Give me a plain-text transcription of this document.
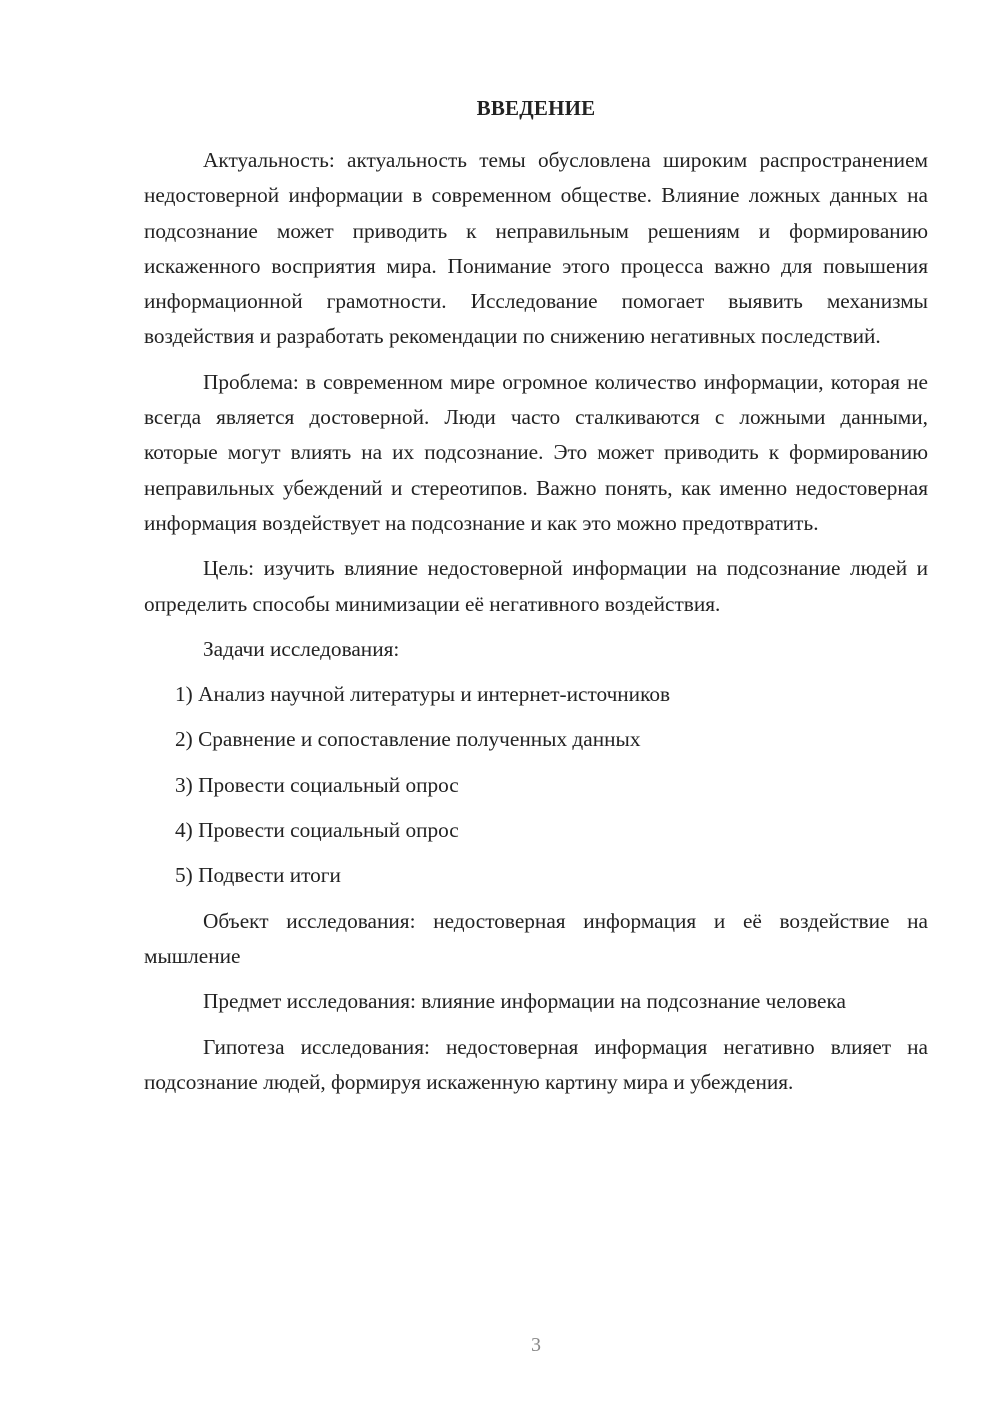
ВВЕДЕНИЕ

Актуальность: актуальность темы обусловлена широким распространением недостоверной информации в современном обществе. Влияние ложных данных на подсознание может приводить к неправильным решениям и формированию искаженного восприятия мира. Понимание этого процесса важно для повышения информационной грамотности. Исследование помогает выявить механизмы воздействия и разработать рекомендации по снижению негативных последствий.

Проблема: в современном мире огромное количество информации, которая не всегда является достоверной. Люди часто сталкиваются с ложными данными, которые могут влиять на их подсознание. Это может приводить к формированию неправильных убеждений и стереотипов. Важно понять, как именно недостоверная информация воздействует на подсознание и как это можно предотвратить.

Цель: изучить влияние недостоверной информации на подсознание людей и определить способы минимизации её негативного воздействия.

Задачи исследования:

1) Анализ научной литературы и интернет-источников

2) Сравнение и сопоставление полученных данных

3) Провести социальный опрос

4) Провести социальный опрос

5) Подвести итоги

Объект исследования: недостоверная информация и её воздействие на мышление

Предмет исследования: влияние информации на подсознание человека

Гипотеза исследования: недостоверная информация негативно влияет на подсознание людей, формируя искаженную картину мира и убеждения.

3
